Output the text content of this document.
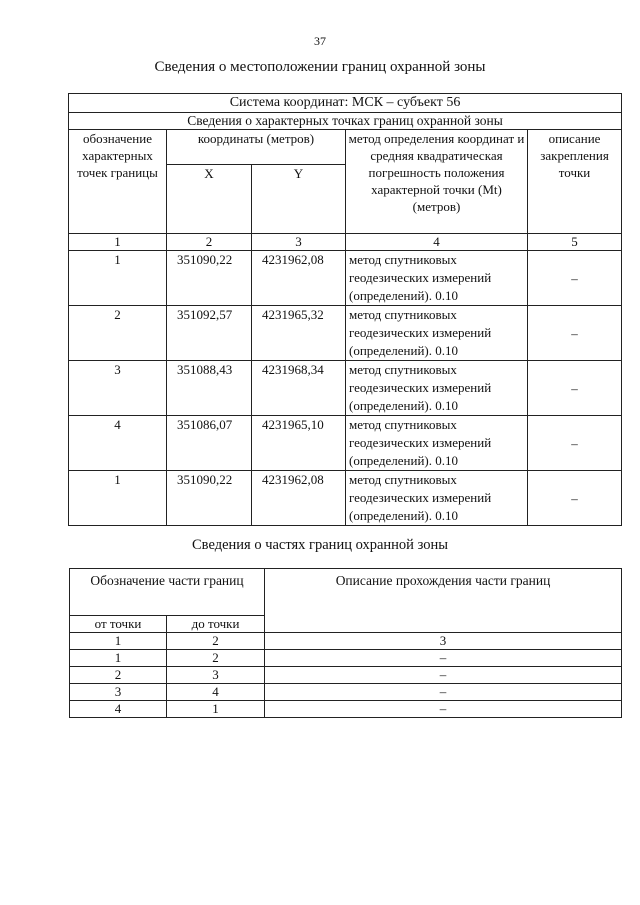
37
Сведения о местоположении границ охранной зоны
Система координат: МСК – субъект 56				
Сведения о характерных точках границ охранной зоны				
обозначение характерных точек границы	координаты (метров)		метод определения координат и средняя квадратическая погрешность положения характерной точки (Mt) (метров)	описание закрепления точки
	X	Y		
1	2	3	4	5
1	351090,22	4231962,08	метод спутниковых геодезических измерений (определений). 0.10	–
2	351092,57	4231965,32	метод спутниковых геодезических измерений (определений). 0.10	–
3	351088,43	4231968,34	метод спутниковых геодезических измерений (определений). 0.10	–
4	351086,07	4231965,10	метод спутниковых геодезических измерений (определений). 0.10	–
1	351090,22	4231962,08	метод спутниковых геодезических измерений (определений). 0.10	–
Сведения о частях границ охранной зоны
Обозначение части границ		Описание прохождения части границ
от точки	до точки	
1	2	3
1	2	–
2	3	–
3	4	–
4	1	–
